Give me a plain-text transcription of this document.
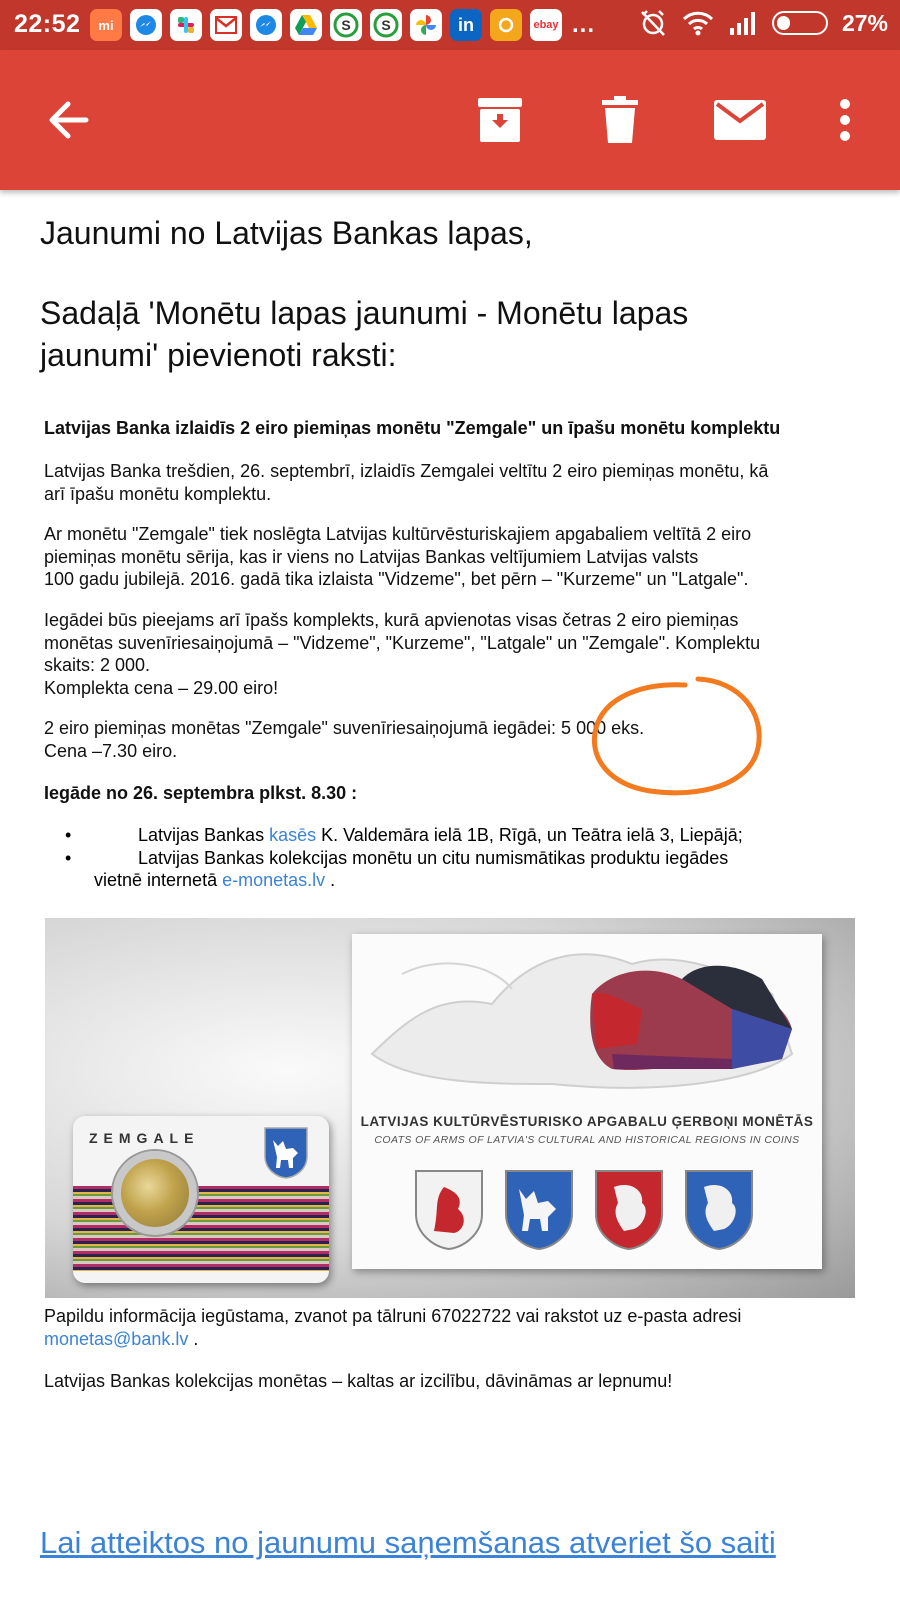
22:52	mi	S S	in	ebay ...	27%
Jaunumi no Latvijas Bankas lapas,
Sadaļā 'Monētu lapas jaunumi - Monētu lapas
jaunumi' pievienoti raksti:
Latvijas Banka izlaidīs 2 eiro piemiņas monētu "Zemgale" un īpašu monētu komplektu
Latvijas Banka trešdien, 26. septembrī, izlaidīs Zemgalei veltītu 2 eiro piemiņas monētu, kā
arī īpašu monētu komplektu.
Ar monētu "Zemgale" tiek noslēgta Latvijas kultūrvēsturiskajiem apgabaliem veltītā 2 eiro
piemiņas monētu sērija, kas ir viens no Latvijas Bankas veltījumiem Latvijas valsts
100 gadu jubilejā. 2016. gadā tika izlaista "Vidzeme", bet pērn – "Kurzeme" un "Latgale".
Iegādei būs pieejams arī īpašs komplekts, kurā apvienotas visas četras 2 eiro piemiņas
monētas suvenīriesaiņojumā – "Vidzeme", "Kurzeme", "Latgale" un "Zemgale". Komplektu
skaits: 2 000.
Komplekta cena – 29.00 eiro!
2 eiro piemiņas monētas "Zemgale" suvenīriesaiņojumā iegādei: 5 000 eks.
Cena –7.30 eiro.
Iegāde no 26. septembra plkst. 8.30 :
• Latvijas Bankas kasēs K. Valdemāra ielā 1B, Rīgā, un Teātra ielā 3, Liepājā;
• Latvijas Bankas kolekcijas monētu un citu numismātikas produktu iegādes
vietnē internetā e-monetas.lv .
LATVIJAS KULTŪRVĒSTURISKO APGABALU ĢERBOŅI MONĒTĀS
COATS OF ARMS OF LATVIA'S CULTURAL AND HISTORICAL REGIONS IN COINS
ZEMGALE
Papildu informācija iegūstama, zvanot pa tālruni 67022722 vai rakstot uz e-pasta adresi
monetas@bank.lv .
Latvijas Bankas kolekcijas monētas – kaltas ar izcilību, dāvināmas ar lepnumu!
Lai atteiktos no jaunumu saņemšanas atveriet šo saiti
